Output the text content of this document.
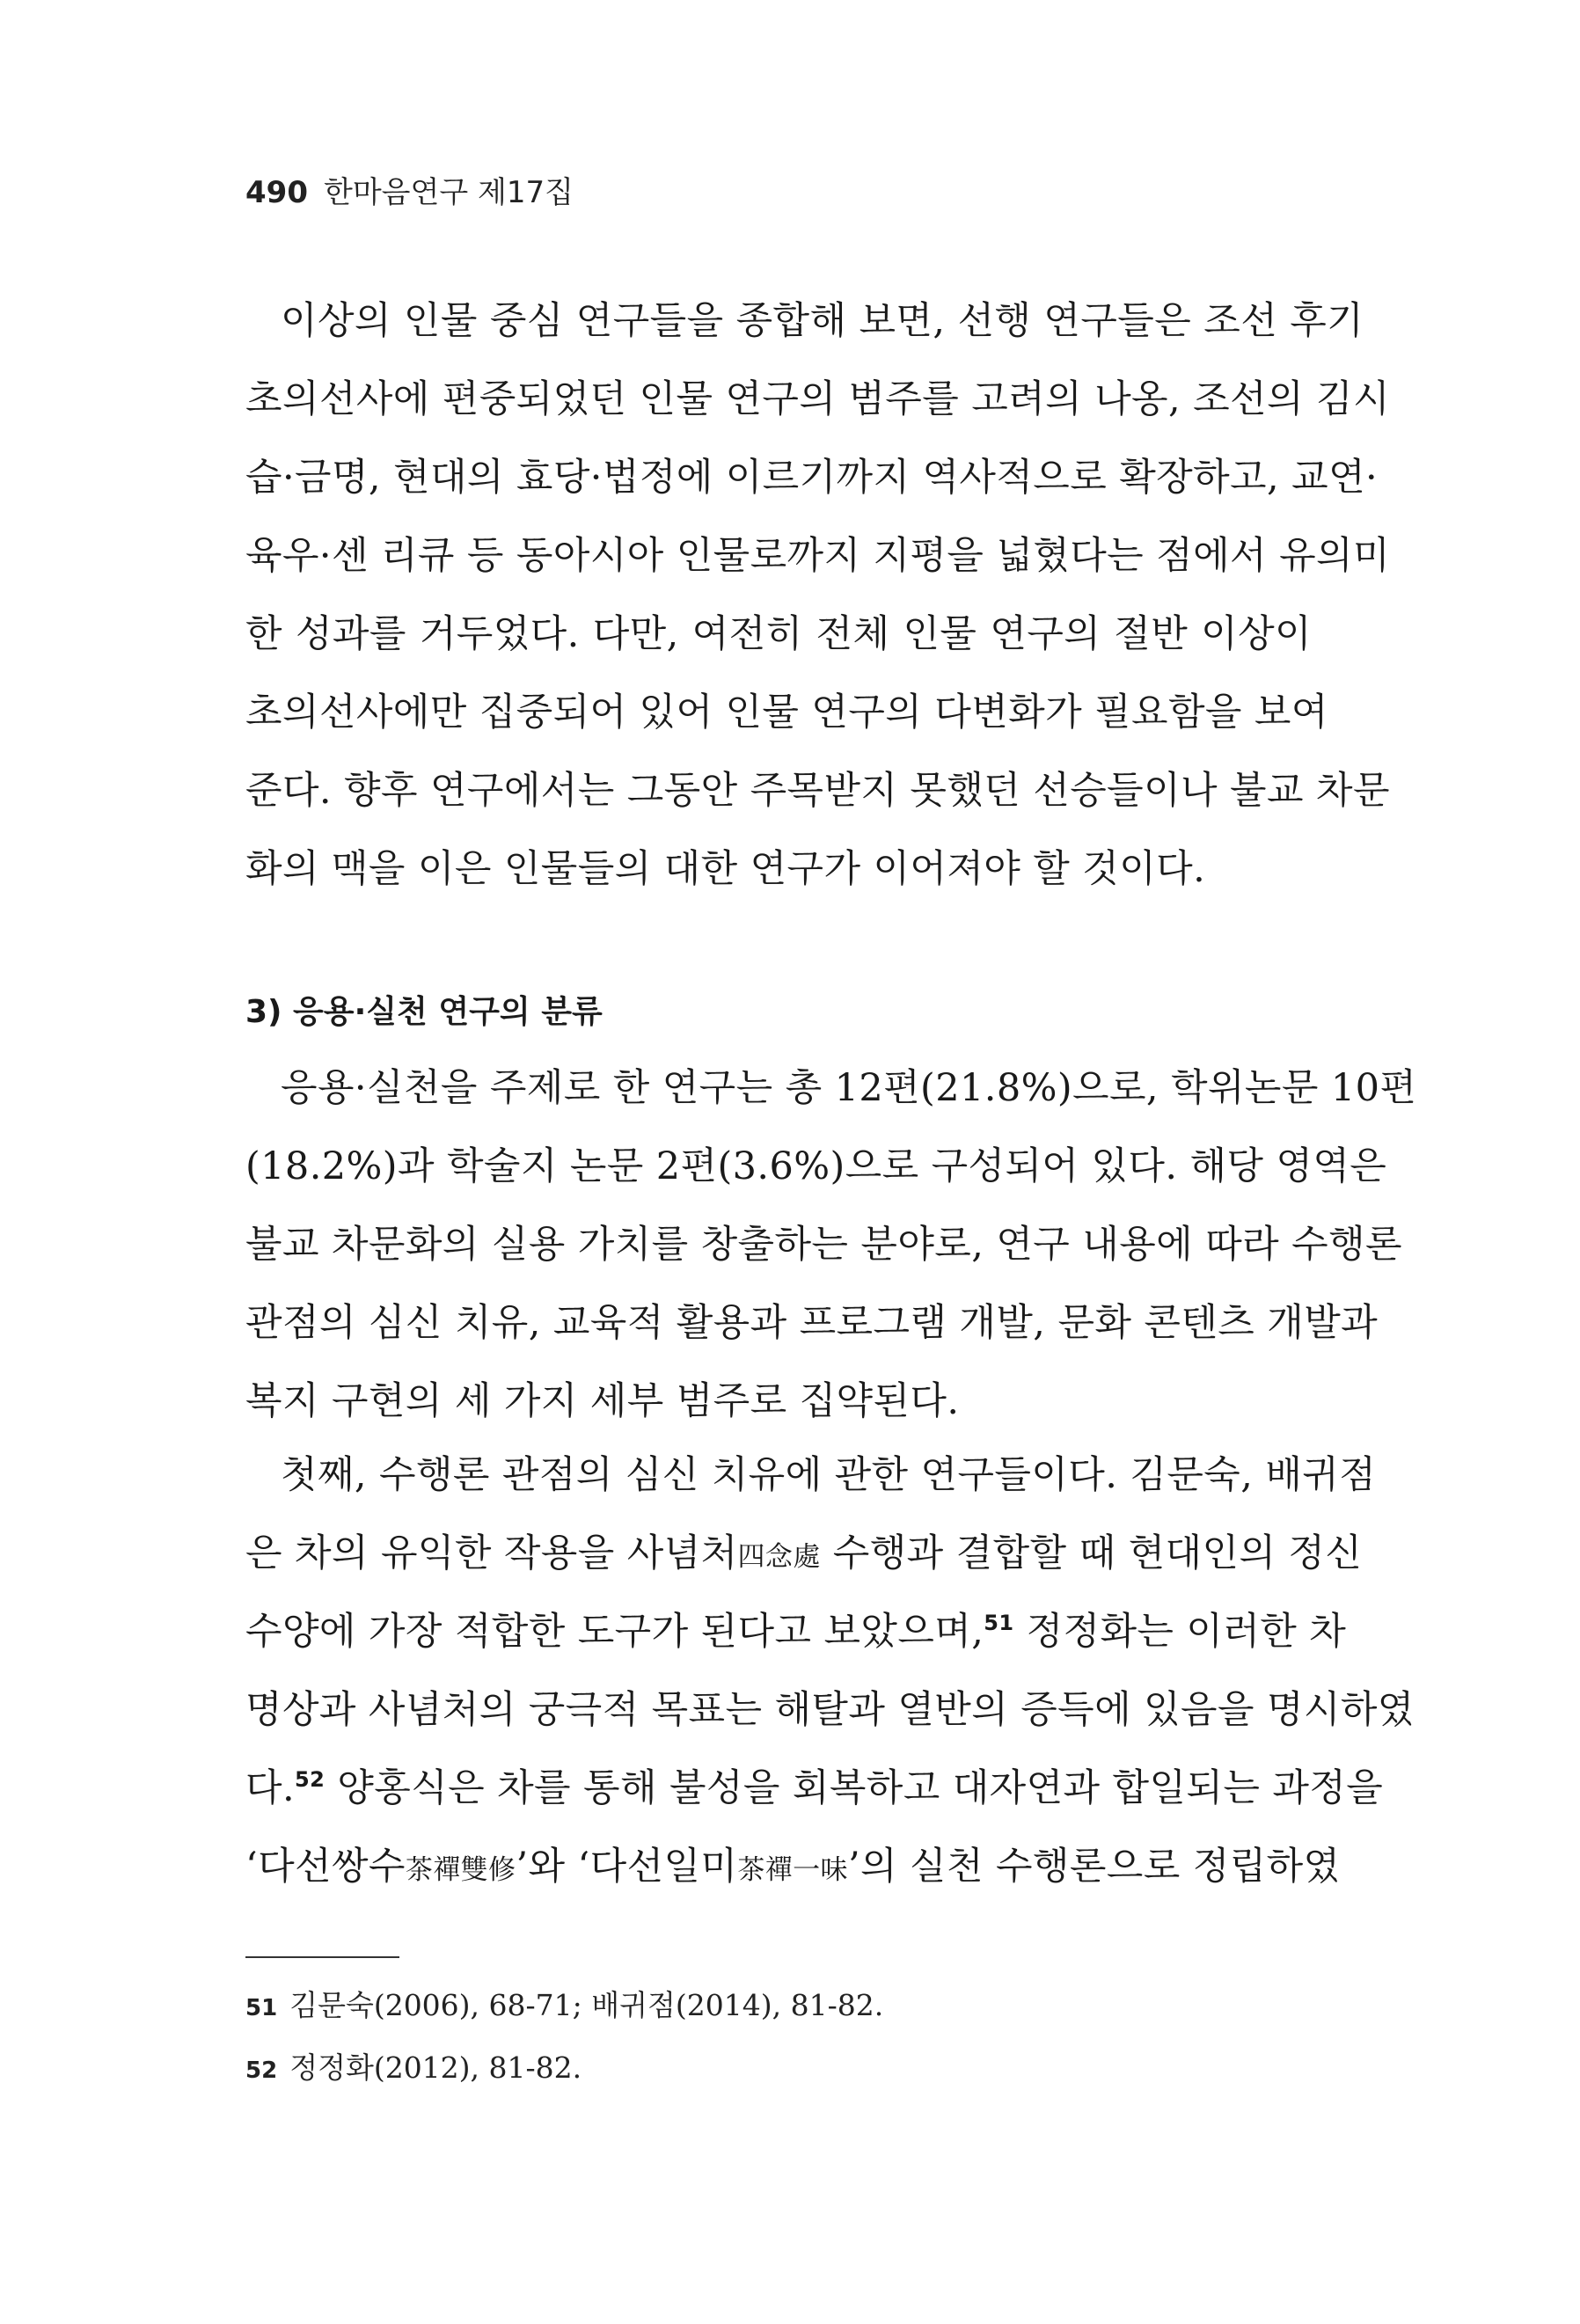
490 한마음연구 제17집
이상의 인물 중심 연구들을 종합해 보면, 선행 연구들은 조선 후기
초의선사에 편중되었던 인물 연구의 범주를 고려의 나옹, 조선의 김시
습·금명, 현대의 효당·법정에 이르기까지 역사적으로 확장하고, 교연·
육우·센 리큐 등 동아시아 인물로까지 지평을 넓혔다는 점에서 유의미
한 성과를 거두었다. 다만, 여전히 전체 인물 연구의 절반 이상이
초의선사에만 집중되어 있어 인물 연구의 다변화가 필요함을 보여
준다. 향후 연구에서는 그동안 주목받지 못했던 선승들이나 불교 차문
화의 맥을 이은 인물들의 대한 연구가 이어져야 할 것이다.
3) 응용·실천 연구의 분류
응용·실천을 주제로 한 연구는 총 12편(21.8%)으로, 학위논문 10편
(18.2%)과 학술지 논문 2편(3.6%)으로 구성되어 있다. 해당 영역은
불교 차문화의 실용 가치를 창출하는 분야로, 연구 내용에 따라 수행론
관점의 심신 치유, 교육적 활용과 프로그램 개발, 문화 콘텐츠 개발과
복지 구현의 세 가지 세부 범주로 집약된다.
첫째, 수행론 관점의 심신 치유에 관한 연구들이다. 김문숙, 배귀점
은 차의 유익한 작용을 사념처四念處 수행과 결합할 때 현대인의 정신
수양에 가장 적합한 도구가 된다고 보았으며,$^{51}$ 정정화는 이러한 차
명상과 사념처의 궁극적 목표는 해탈과 열반의 증득에 있음을 명시하였
다.$^{52}$ 양홍식은 차를 통해 불성을 회복하고 대자연과 합일되는 과정을
‘다선쌍수茶禪雙修’와 ‘다선일미茶禪一味’의 실천 수행론으로 정립하였
51 김문숙(2006), 68-71; 배귀점(2014), 81-82.
52 정정화(2012), 81-82.
